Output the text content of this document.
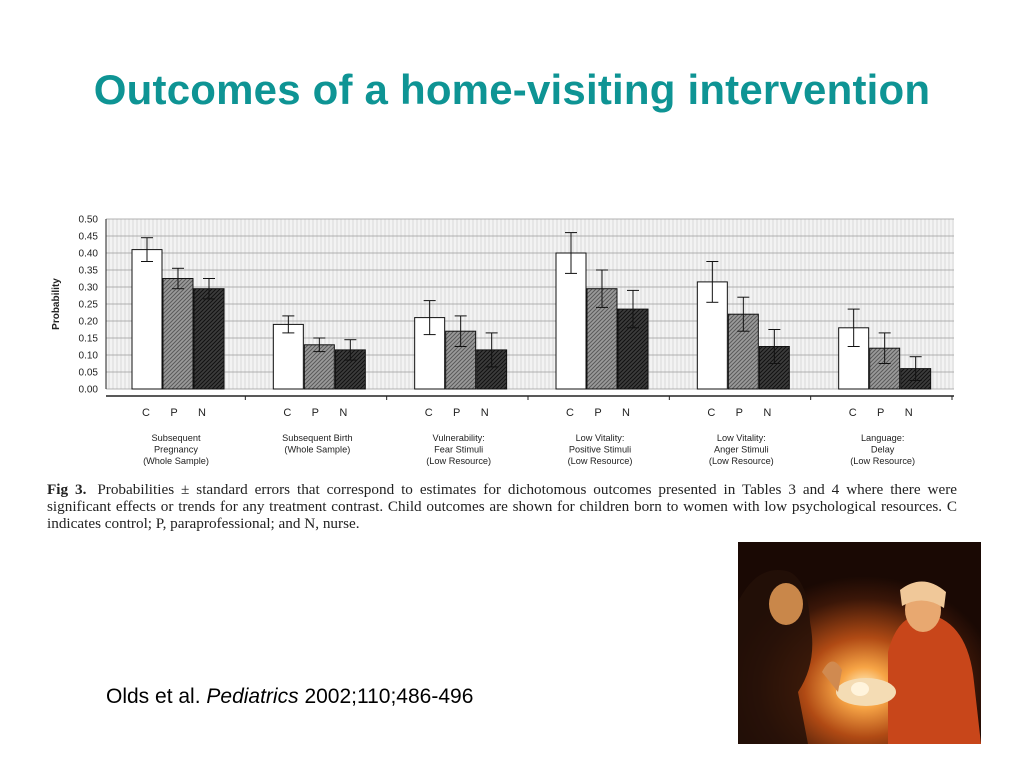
Outcomes of a home-visiting intervention
0.50
0.45
0.40
0.35
0.30
0.25
0.20
0.15
0.10
0.05
0.00
Probability
C P N
Subsequent
Pregnancy
(Whole Sample)
C P N
Subsequent Birth
(Whole Sample)
C P N
Vulnerability:
Fear Stimuli
(Low Resource)
C P N
Low Vitality:
Positive Stimuli
(Low Resource)
C P N
Low Vitality:
Anger Stimuli
(Low Resource)
C P N
Language:
Delay
(Low Resource)
Fig 3. Probabilities ± standard errors that correspond to estimates for dichotomous outcomes presented in Tables 3 and 4 where there were significant effects or trends for any treatment contrast. Child outcomes are shown for children born to women with low psychological resources. C indicates control; P, paraprofessional; and N, nurse.
Olds et al. Pediatrics 2002;110;486-496
